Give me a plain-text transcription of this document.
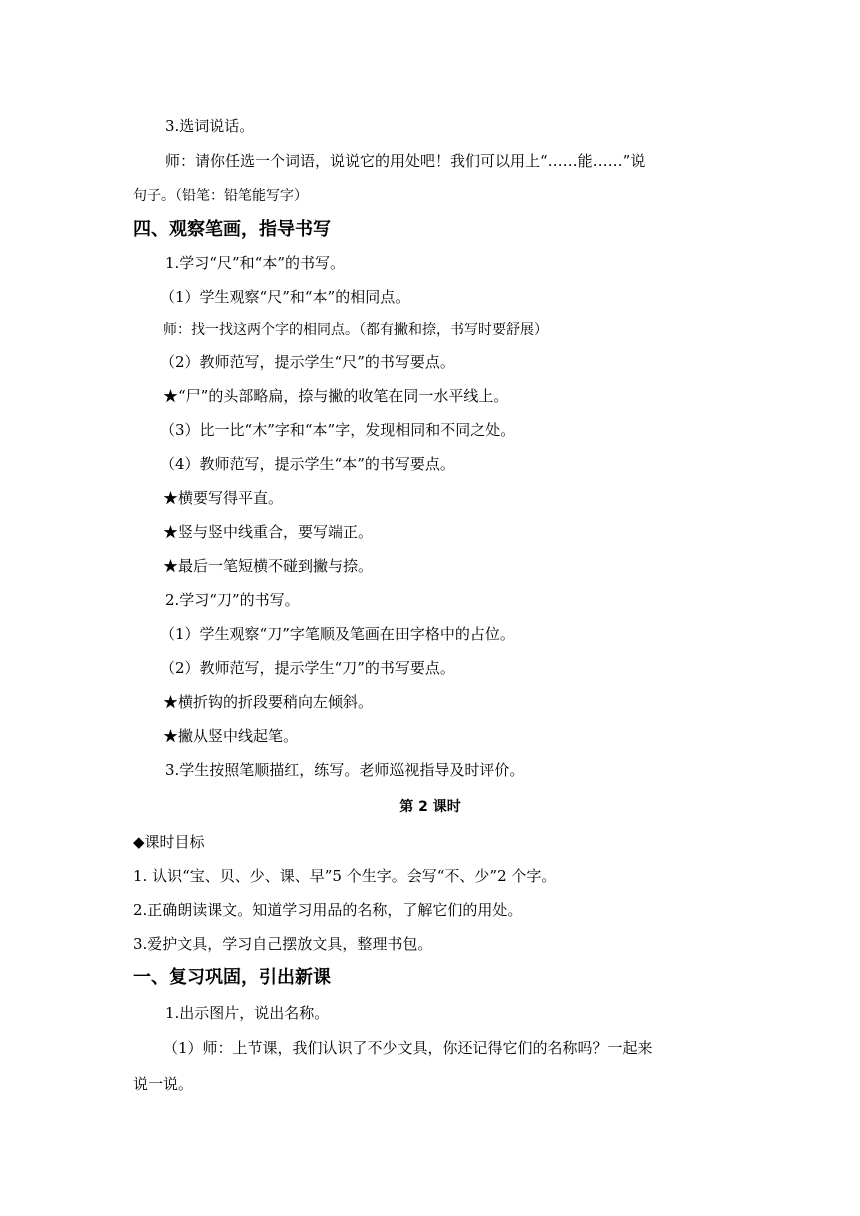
3.选词说话。
师：请你任选一个词语，说说它的用处吧！我们可以用上“……能……”说
句子。（铅笔：铅笔能写字）
四、观察笔画，指导书写
1.学习“尺”和“本”的书写。
（1）学生观察“尺”和“本”的相同点。
师：找一找这两个字的相同点。（都有撇和捺，书写时要舒展）
（2）教师范写，提示学生“尺”的书写要点。
★“尸”的头部略扁，捺与撇的收笔在同一水平线上。
（3）比一比“木”字和“本”字，发现相同和不同之处。
（4）教师范写，提示学生“本”的书写要点。
★横要写得平直。
★竖与竖中线重合，要写端正。
★最后一笔短横不碰到撇与捺。
2.学习“刀”的书写。
（1）学生观察“刀”字笔顺及笔画在田字格中的占位。
（2）教师范写，提示学生“刀”的书写要点。
★横折钩的折段要稍向左倾斜。
★撇从竖中线起笔。
3.学生按照笔顺描红，练写。老师巡视指导及时评价。
第 2 课时
◆课时目标
1. 认识“宝、贝、少、课、早”5 个生字。会写“不、少”2 个字。
2.正确朗读课文。知道学习用品的名称，了解它们的用处。
3.爱护文具，学习自己摆放文具，整理书包。
一、复习巩固，引出新课
1.出示图片，说出名称。
（1）师：上节课，我们认识了不少文具，你还记得它们的名称吗？一起来
说一说。
